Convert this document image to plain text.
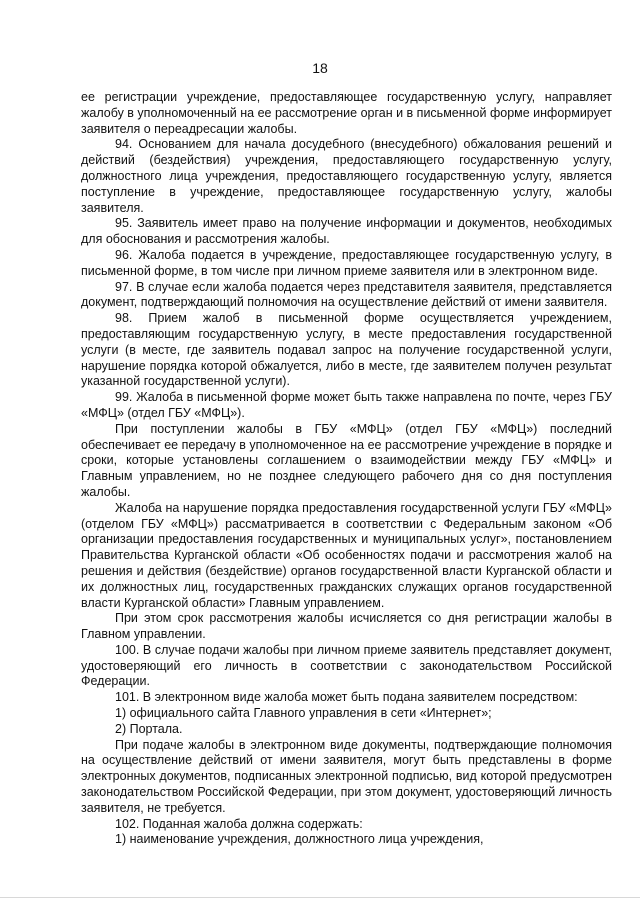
18

ее регистрации учреждение, предоставляющее государственную услугу, направляет жалобу в уполномоченный на ее рассмотрение орган и в письменной форме информирует заявителя о переадресации жалобы.

94. Основанием для начала досудебного (внесудебного) обжалования решений и действий (бездействия) учреждения, предоставляющего государственную услугу, должностного лица учреждения, предоставляющего государственную услугу, является поступление в учреждение, предоставляющее государственную услугу, жалобы заявителя.

95. Заявитель имеет право на получение информации и документов, необходимых для обоснования и рассмотрения жалобы.

96. Жалоба подается в учреждение, предоставляющее государственную услугу, в письменной форме, в том числе при личном приеме заявителя или в электронном виде.

97. В случае если жалоба подается через представителя заявителя, представляется документ, подтверждающий полномочия на осуществление действий от имени заявителя.

98. Прием жалоб в письменной форме осуществляется учреждением, предоставляющим государственную услугу, в месте предоставления государственной услуги (в месте, где заявитель подавал запрос на получение государственной услуги, нарушение порядка которой обжалуется, либо в месте, где заявителем получен результат указанной государственной услуги).

99. Жалоба в письменной форме может быть также направлена по почте, через ГБУ «МФЦ» (отдел ГБУ «МФЦ»).

При поступлении жалобы в ГБУ «МФЦ» (отдел ГБУ «МФЦ») последний обеспечивает ее передачу в уполномоченное на ее рассмотрение учреждение в порядке и сроки, которые установлены соглашением о взаимодействии между ГБУ «МФЦ» и Главным управлением, но не позднее следующего рабочего дня со дня поступления жалобы.

Жалоба на нарушение порядка предоставления государственной услуги ГБУ «МФЦ» (отделом ГБУ «МФЦ») рассматривается в соответствии с Федеральным законом «Об организации предоставления государственных и муниципальных услуг», постановлением Правительства Курганской области «Об особенностях подачи и рассмотрения жалоб на решения и действия (бездействие) органов государственной власти Курганской области и их должностных лиц, государственных гражданских служащих органов государственной власти Курганской области» Главным управлением.

При этом срок рассмотрения жалобы исчисляется со дня регистрации жалобы в Главном управлении.

100. В случае подачи жалобы при личном приеме заявитель представляет документ, удостоверяющий его личность в соответствии с законодательством Российской Федерации.

101. В электронном виде жалоба может быть подана заявителем посредством:

1) официального сайта Главного управления в сети «Интернет»;

2) Портала.

При подаче жалобы в электронном виде документы, подтверждающие полномочия на осуществление действий от имени заявителя, могут быть представлены в форме электронных документов, подписанных электронной подписью, вид которой предусмотрен законодательством Российской Федерации, при этом документ, удостоверяющий личность заявителя, не требуется.

102. Поданная жалоба должна содержать:

1) наименование учреждения, должностного лица учреждения,
